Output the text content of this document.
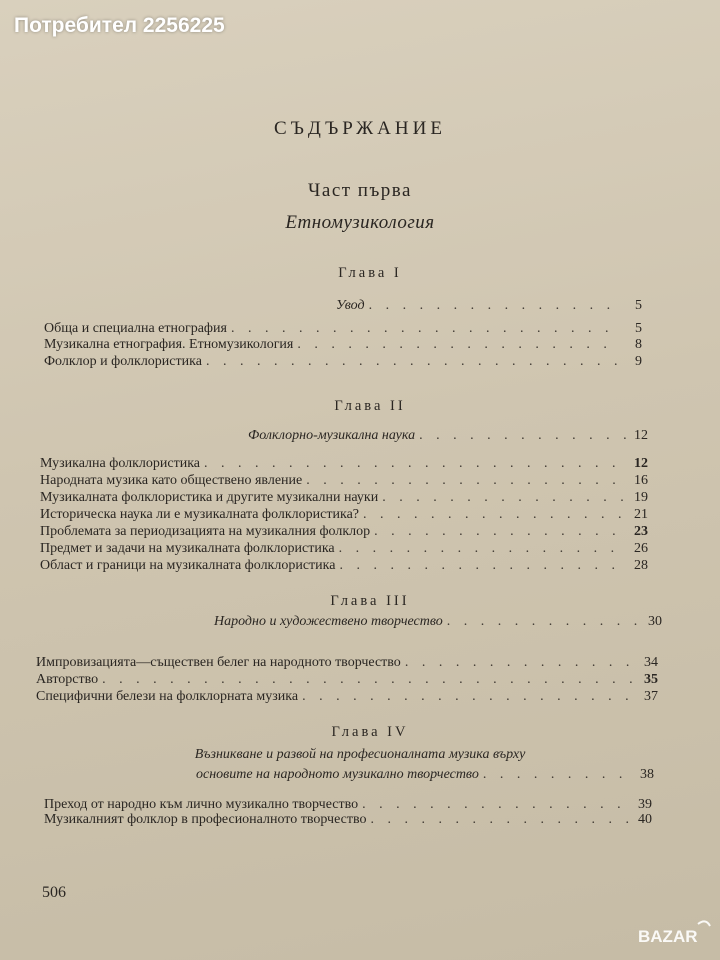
Потребител 2256225
СЪДЪРЖАНИЕ
Част първа
Етномузикология
Глава I
Увод . . .	5
Обща и специална етнография . . .	5
Музикална етнография. Етномузикология . . .	8
Фолклор и фолклористика . . .	9
Глава II
Фолклорно-музикална наука . . .	12
Музикална фолклористика . . .	12
Народната музика като обществено явление . . .	16
Музикалната фолклористика и другите музикални науки . . .	19
Историческа наука ли е музикалната фолклористика? . . .	21
Проблемата за периодизацията на музикалния фолклор . . .	23
Предмет и задачи на музикалната фолклористика . . .	26
Област и граници на музикалната фолклористика . . .	28
Глава III
Народно и художествено творчество . . .	30
Импровизацията—съществен белег на народното творчество . . .	34
Авторство . . .	35
Специфични белези на фолклорната музика . . .	37
Глава IV
Възникване и развой на професионалната музика върху
основите на народното музикално творчество . . .	38
Преход от народно към лично музикално творчество . . .	39
Музикалният фолклор в професионалното творчество . . .	40
506
BAZAR
